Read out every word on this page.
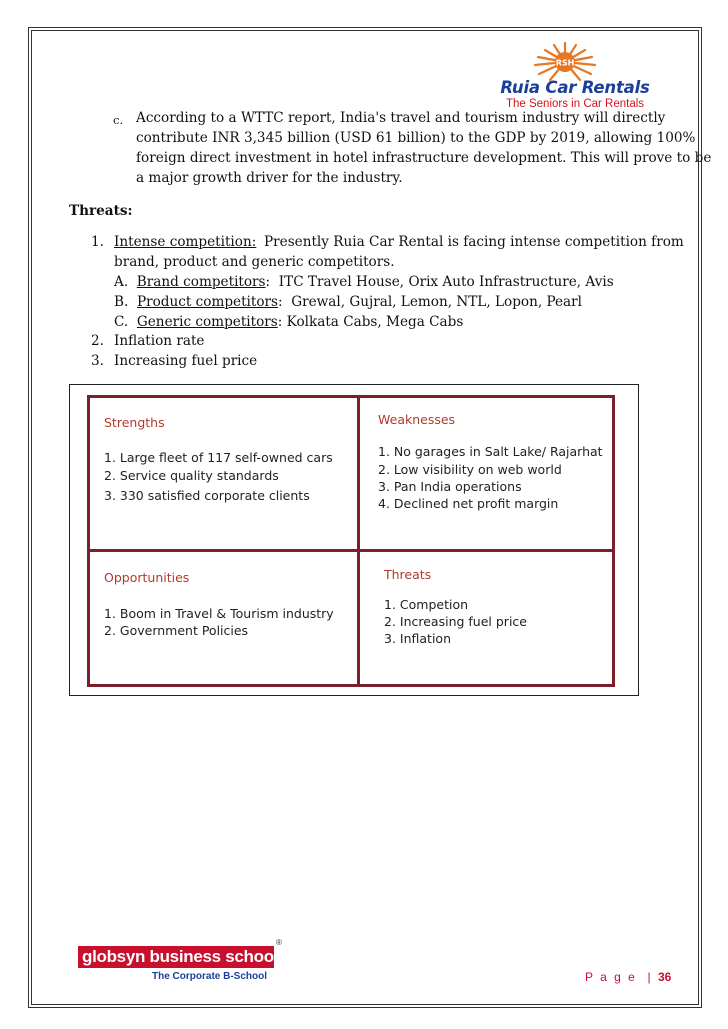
RSH
Ruia Car Rentals
The Seniors in Car Rentals
c. According to a WTTC report, India's travel and tourism industry will directly
contribute INR 3,345 billion (USD 61 billion) to the GDP by 2019, allowing 100%
foreign direct investment in hotel infrastructure development. This will prove to be
a major growth driver for the industry.
Threats:
1. Intense competition: Presently Ruia Car Rental is facing intense competition from
brand, product and generic competitors.
A. Brand competitors:  ITC Travel House, Orix Auto Infrastructure, Avis
B. Product competitors:  Grewal, Gujral, Lemon, NTL, Lopon, Pearl
C. Generic competitors: Kolkata Cabs, Mega Cabs
2. Inflation rate
3. Increasing fuel price
Strengths
1. Large fleet of 117 self-owned cars
2. Service quality standards
3. 330 satisfied corporate clients
Weaknesses
1. No garages in Salt Lake/ Rajarhat
2. Low visibility on web world
3. Pan India operations
4. Declined net profit margin
Opportunities
1. Boom in Travel & Tourism industry
2. Government Policies
Threats
1. Competion
2. Increasing fuel price
3. Inflation
globsyn business school
®
The Corporate B-School	P a g e  | 36
